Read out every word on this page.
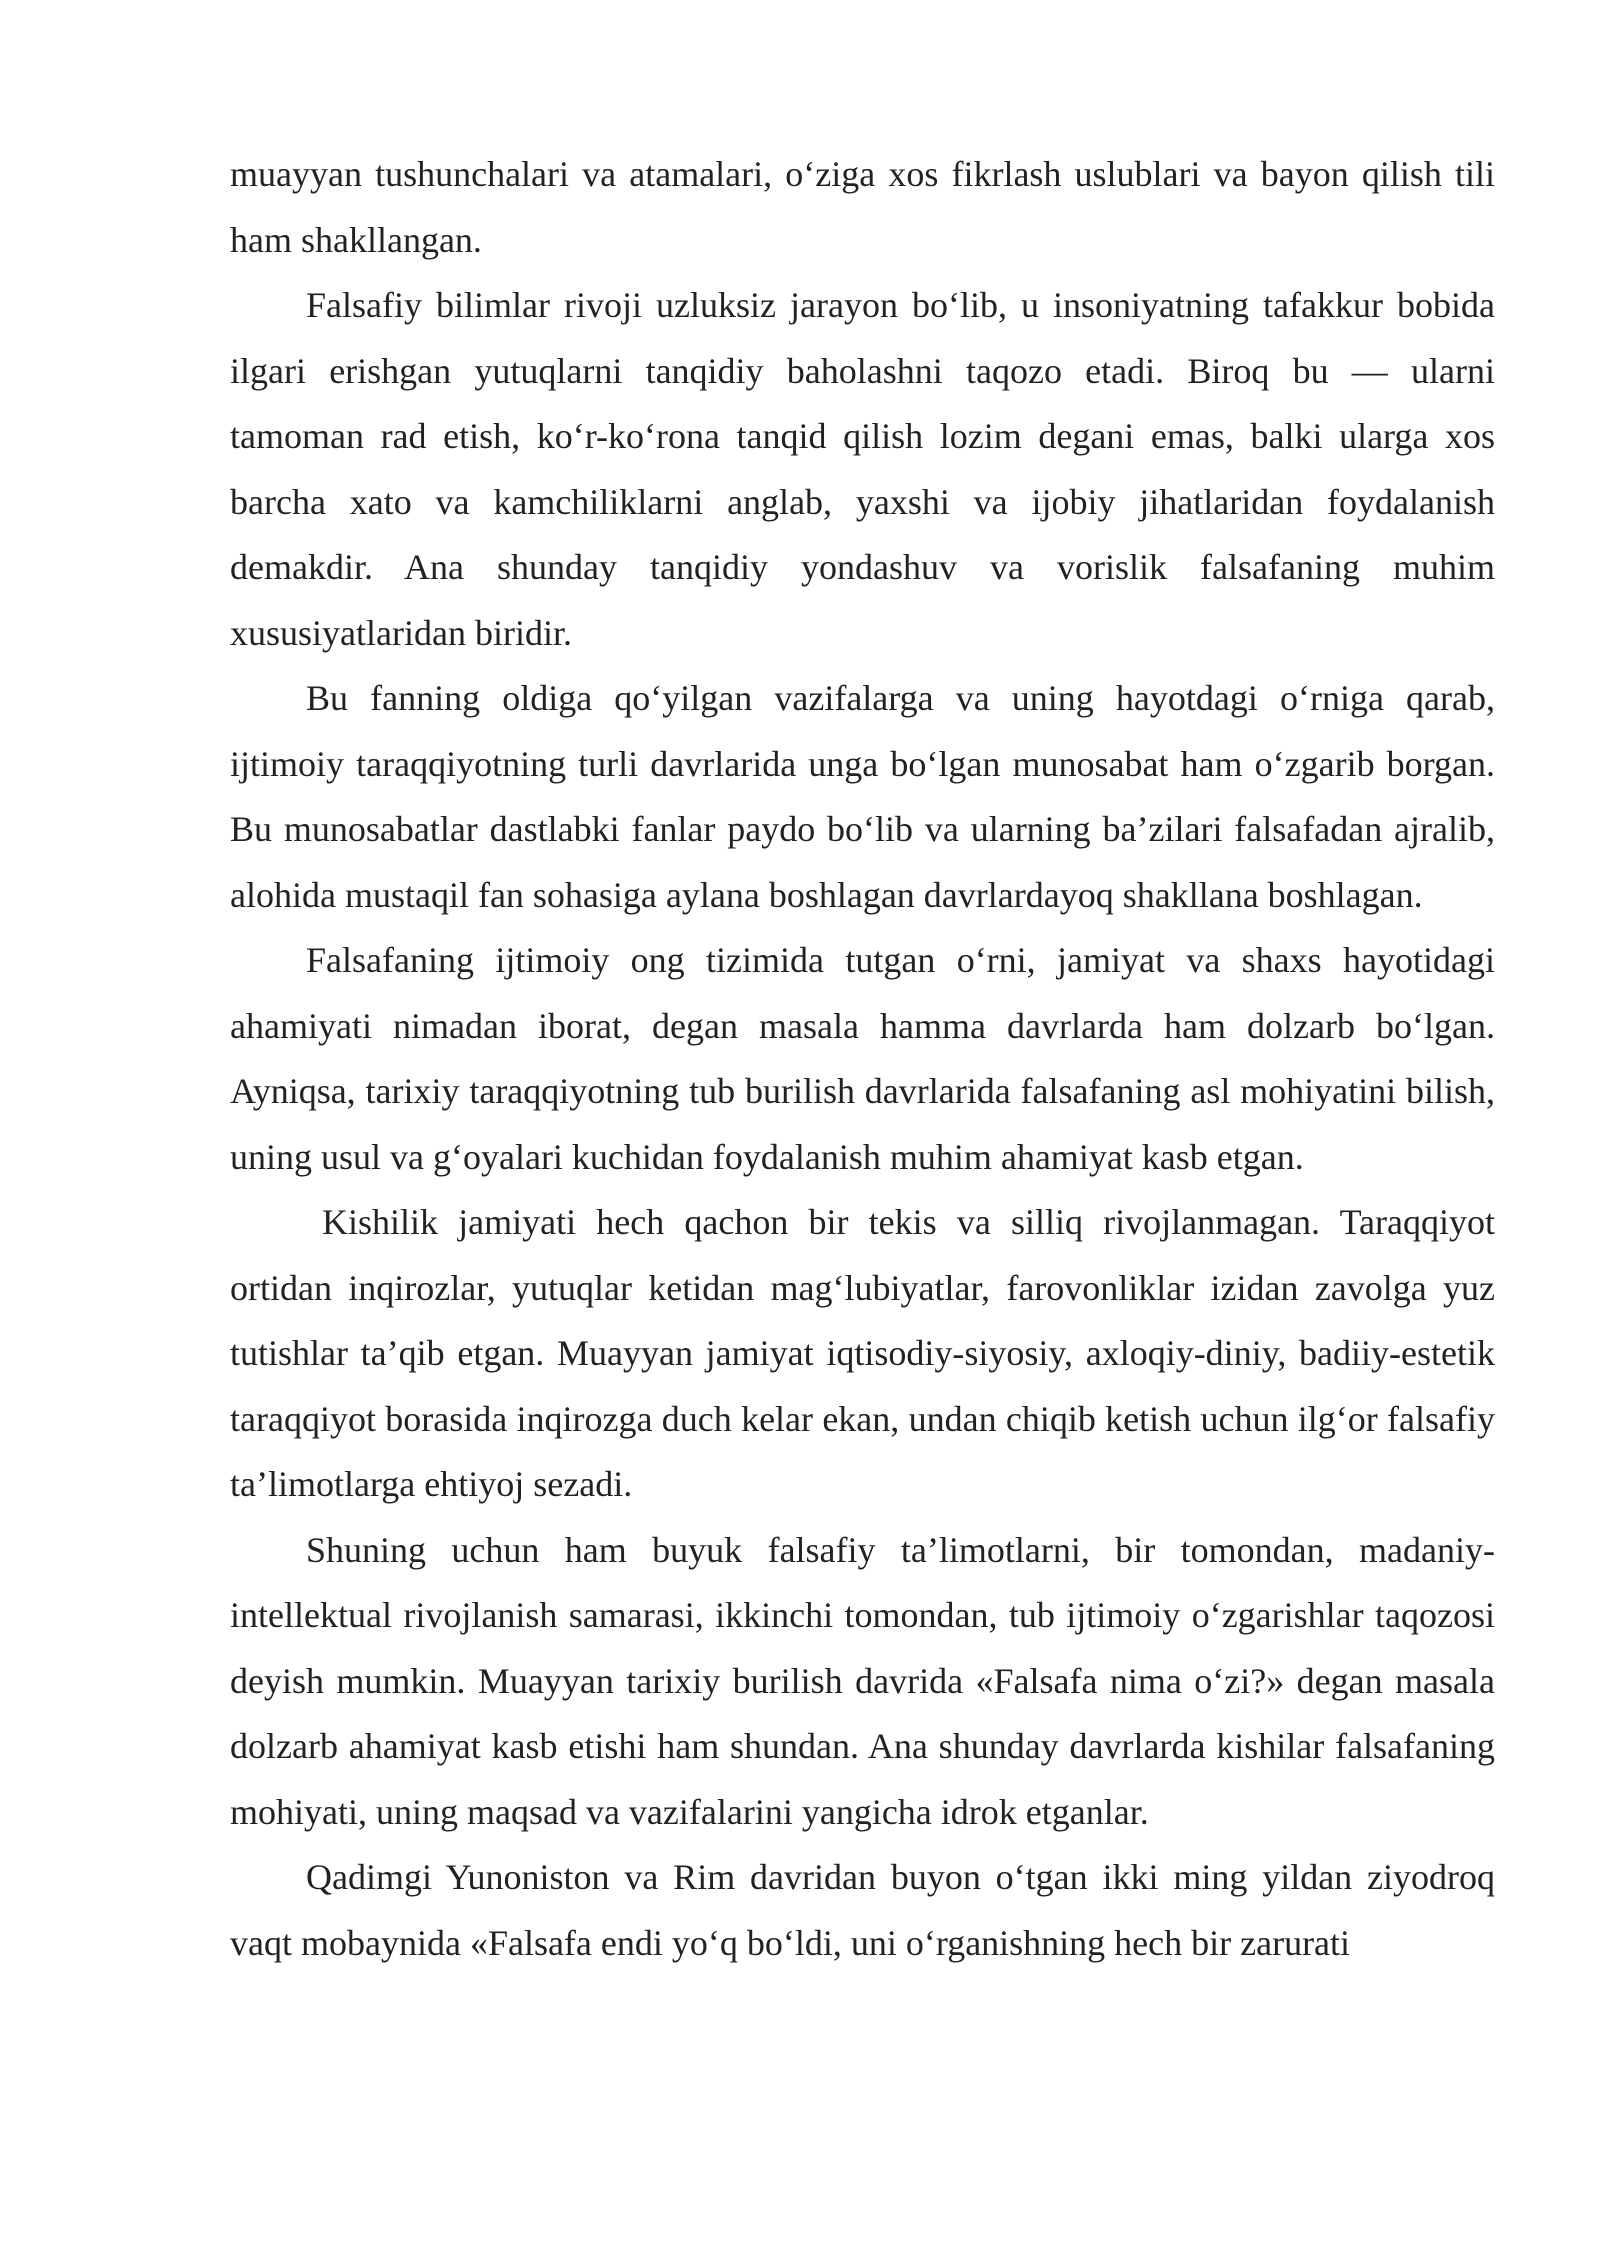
muayyan tushunchalari va atamalari, o‘ziga xos fikrlash uslublari va bayon qilish tili ham shakllangan.

Falsafiy bilimlar rivoji uzluksiz jarayon bo‘lib, u insoniyatning tafakkur bobida ilgari erishgan yutuqlarni tanqidiy baholashni taqozo etadi. Biroq bu — ularni tamoman rad etish, ko‘r-ko‘rona tanqid qilish lozim degani emas, balki ularga xos barcha xato va kamchiliklarni anglab, yaxshi va ijobiy jihatlaridan foydalanish demakdir. Ana shunday tanqidiy yondashuv va vorislik falsafaning muhim xususiyatlaridan biridir.

Bu fanning oldiga qo‘yilgan vazifalarga va uning hayotdagi o‘rniga qarab, ijtimoiy taraqqiyotning turli davrlarida unga bo‘lgan munosabat ham o‘zgarib borgan. Bu munosabatlar dastlabki fanlar paydo bo‘lib va ularning ba’zilari falsafadan ajralib, alohida mustaqil fan sohasiga aylana boshlagan davrlardayoq shakllana boshlagan.

Falsafaning ijtimoiy ong tizimida tutgan o‘rni, jamiyat va shaxs hayotidagi ahamiyati nimadan iborat, degan masala hamma davrlarda ham dolzarb bo‘lgan. Ayniqsa, tarixiy taraqqiyotning tub burilish davrlarida falsafaning asl mohiyatini bilish, uning usul va g‘oyalari kuchidan foydalanish muhim ahamiyat kasb etgan.

Kishilik jamiyati hech qachon bir tekis va silliq rivojlanmagan. Taraqqiyot ortidan inqirozlar, yutuqlar ketidan mag‘lubiyatlar, farovonliklar izidan zavolga yuz tutishlar ta’qib etgan. Muayyan jamiyat iqtisodiy-siyosiy, axloqiy-diniy, badiiy-estetik taraqqiyot borasida inqirozga duch kelar ekan, undan chiqib ketish uchun ilg‘or falsafiy ta’limotlarga ehtiyoj sezadi.

Shuning uchun ham buyuk falsafiy ta’limotlarni, bir tomondan, madaniy-intellektual rivojlanish samarasi, ikkinchi tomondan, tub ijtimoiy o‘zgarishlar taqozosi deyish mumkin. Muayyan tarixiy burilish davrida «Falsafa nima o‘zi?» degan masala dolzarb ahamiyat kasb etishi ham shundan. Ana shunday davrlarda kishilar falsafaning mohiyati, uning maqsad va vazifalarini yangicha idrok etganlar.

Qadimgi Yunoniston va Rim davridan buyon o‘tgan ikki ming yildan ziyodroq vaqt mobaynida «Falsafa endi yo‘q bo‘ldi, uni o‘rganishning hech bir zarurati
